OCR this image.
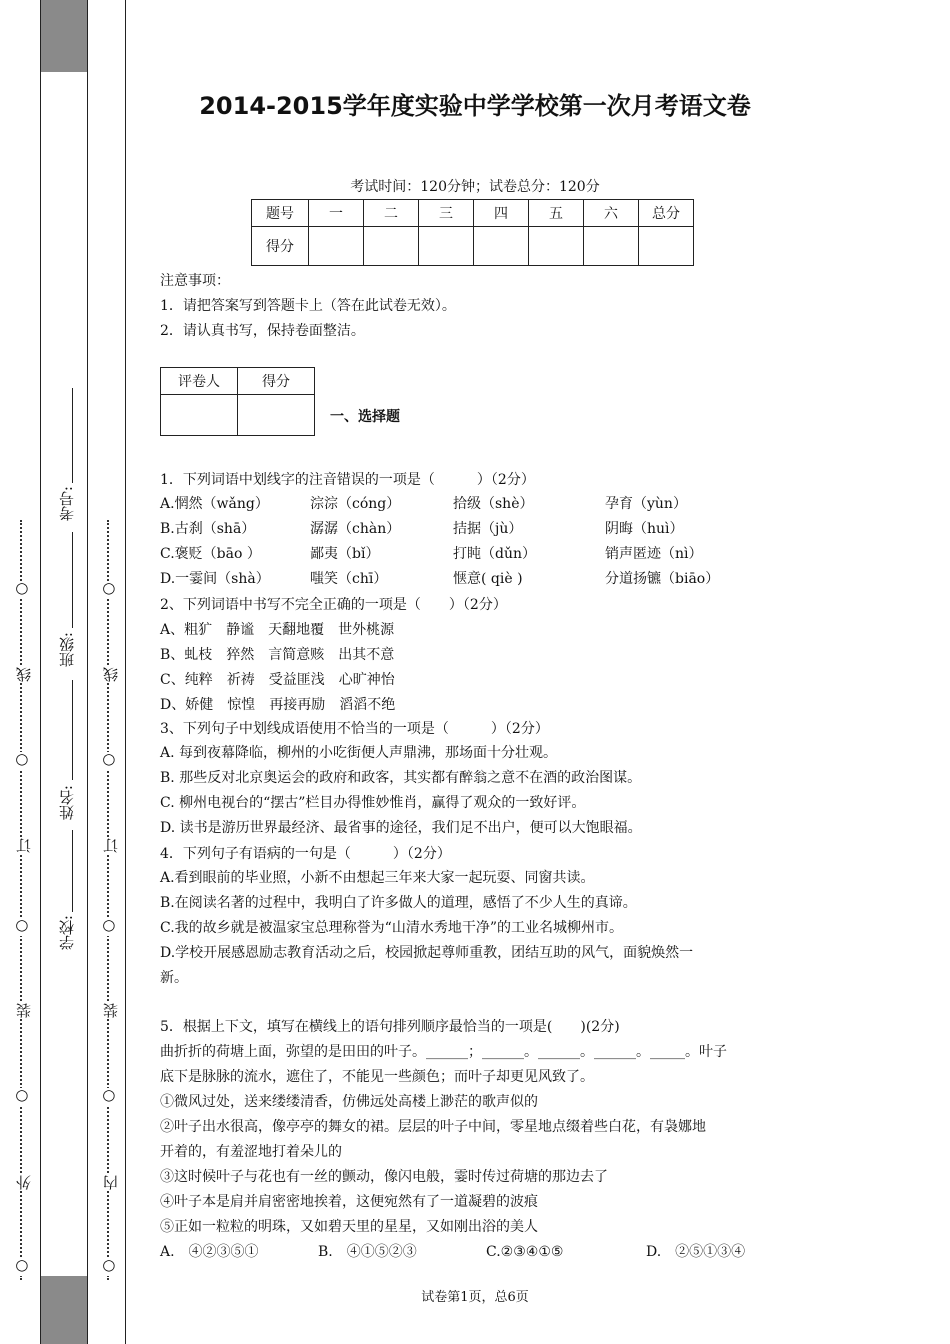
○
线
○
订
○
装
○
外
○
○
线
○
订
○
装
○
内
○
考号:
班级:
姓名:
学校:
2014-2015学年度实验中学学校第一次月考语文卷
考试时间：120分钟；试卷总分：120分
题号	一	二	三	四	五	六	总分
得分							
注意事项：
1．请把答案写到答题卡上（答在此试卷无效）。
2．请认真书写，保持卷面整洁。
评卷人	得分

一、选择题
1．下列词语中划线字的注音错误的一项是（　　　）（2分）
A.惘然（wǎng）	淙淙（cóng）	拾级（shè）	孕育（yùn）
B.古刹（shā）	潺潺（chàn）	拮据（jù）	阴晦（huì）
C.褒贬（bāo ）	鄙夷（bǐ）	打盹（dǔn）	销声匿迹（nì）
D.一霎间（shà）	嗤笑（chī）	惬意( qiè )	分道扬镳（biāo）
2、下列词语中书写不完全正确的一项是（　　）（2分）
A、粗犷　静谧　天翻地覆　世外桃源
B、虬枝　猝然　言简意赅　出其不意
C、纯粹　祈祷　受益匪浅　心旷神怡
D、娇健　惊惶　再接再励　滔滔不绝
3、下列句子中划线成语使用不恰当的一项是（　　　）（2分）
A. 每到夜幕降临，柳州的小吃街便人声鼎沸，那场面十分壮观。
B. 那些反对北京奥运会的政府和政客，其实都有醉翁之意不在酒的政治图谋。
C. 柳州电视台的“摆古”栏目办得惟妙惟肖，赢得了观众的一致好评。
D. 读书是游历世界最经济、最省事的途径，我们足不出户，便可以大饱眼福。
4．下列句子有语病的一句是（　　　）（2分）
A.看到眼前的毕业照，小新不由想起三年来大家一起玩耍、同窗共读。
B.在阅读名著的过程中，我明白了许多做人的道理，感悟了不少人生的真谛。
C.我的故乡就是被温家宝总理称誉为“山清水秀地干净”的工业名城柳州市。
D.学校开展感恩励志教育活动之后，校园掀起尊师重教，团结互助的风气，面貌焕然一
新。
5．根据上下文，填写在横线上的语句排列顺序最恰当的一项是(　　)(2分)
曲折折的荷塘上面，弥望的是田田的叶子。______；______。______。______。_____。叶子
底下是脉脉的流水，遮住了，不能见一些颜色；而叶子却更见风致了。
①微风过处，送来缕缕清香，仿佛远处高楼上渺茫的歌声似的
②叶子出水很高，像亭亭的舞女的裙。层层的叶子中间，零星地点缀着些白花，有袅娜地
开着的，有羞涩地打着朵儿的
③这时候叶子与花也有一丝的颤动，像闪电般，霎时传过荷塘的那边去了
④叶子本是肩并肩密密地挨着，这便宛然有了一道凝碧的波痕
⑤正如一粒粒的明珠，又如碧天里的星星，又如刚出浴的美人
A.　④②③⑤①	B.　④①⑤②③	C.②③④①⑤	D.　②⑤①③④
试卷第1页，总6页
